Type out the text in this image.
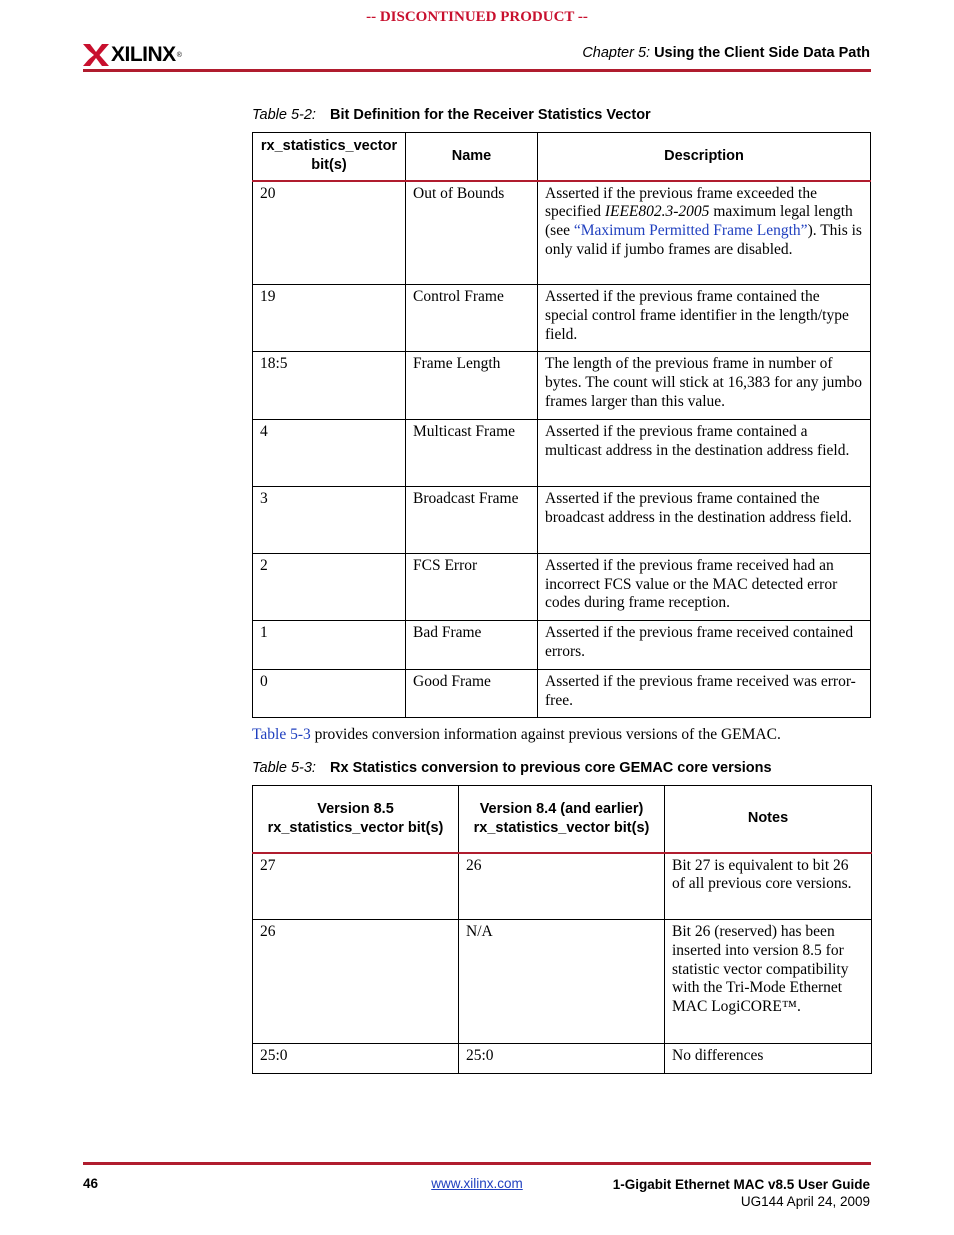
-- DISCONTINUED PRODUCT --
XILINX ®	Chapter 5: Using the Client Side Data Path
Table 5-2: Bit Definition for the Receiver Statistics Vector
rx_statistics_vector bit(s)	Name	Description
20	Out of Bounds	Asserted if the previous frame exceeded the specified IEEE802.3-2005 maximum legal length (see “Maximum Permitted Frame Length”). This is only valid if jumbo frames are disabled.
19	Control Frame	Asserted if the previous frame contained the special control frame identifier in the length/type field.
18:5	Frame Length	The length of the previous frame in number of bytes. The count will stick at 16,383 for any jumbo frames larger than this value.
4	Multicast Frame	Asserted if the previous frame contained a multicast address in the destination address field.
3	Broadcast Frame	Asserted if the previous frame contained the broadcast address in the destination address field.
2	FCS Error	Asserted if the previous frame received had an incorrect FCS value or the MAC detected error codes during frame reception.
1	Bad Frame	Asserted if the previous frame received contained errors.
0	Good Frame	Asserted if the previous frame received was error-free.
Table 5-3 provides conversion information against previous versions of the GEMAC.
Table 5-3: Rx Statistics conversion to previous core GEMAC core versions
Version 8.5 rx_statistics_vector bit(s)	Version 8.4 (and earlier) rx_statistics_vector bit(s)	Notes
27	26	Bit 27 is equivalent to bit 26 of all previous core versions.
26	N/A	Bit 26 (reserved) has been inserted into version 8.5 for statistic vector compatibility with the Tri-Mode Ethernet MAC LogiCORE™.
25:0	25:0	No differences
46	www.xilinx.com	1-Gigabit Ethernet MAC v8.5 User Guide
UG144 April 24, 2009
